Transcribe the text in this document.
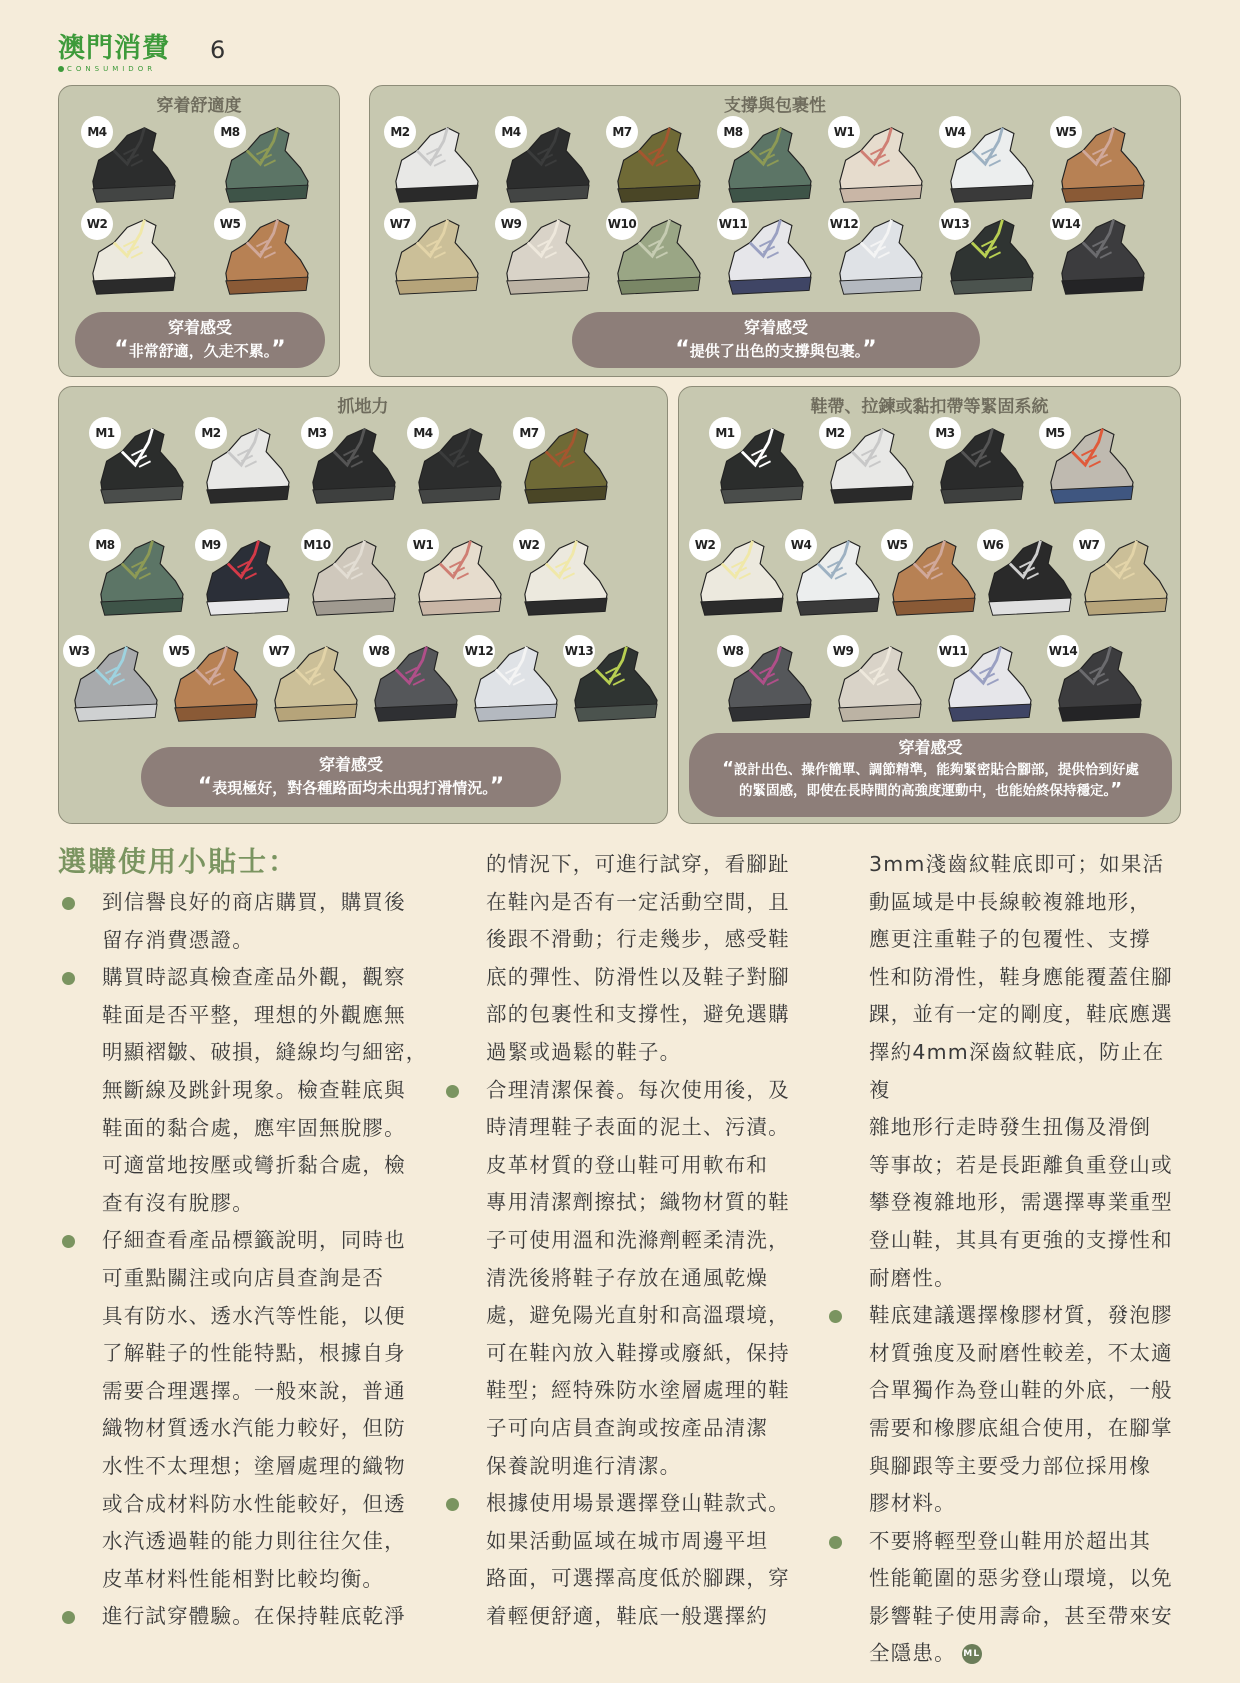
澳門消費
CONSUMIDOR
6
穿着舒適度
M4	M8
W2	W5
穿着感受
“非常舒適，久走不累。”
支撐與包裹性
M2	M4	M7	M8	W1	W4	W5
W7	W9	W10	W11	W12	W13	W14
穿着感受
“提供了出色的支撐與包裹。”
抓地力
M1	M2	M3	M4	M7
M8	M9	M10	W1	W2
W3	W5	W7	W8	W12	W13
穿着感受
“表現極好，對各種路面均未出現打滑情況。”
鞋帶、拉鍊或黏扣帶等緊固系統
M1	M2	M3	M5
W2	W4	W5	W6	W7
W8	W9	W11	W14
穿着感受
“設計出色、操作簡單、調節精準，能夠緊密貼合腳部，提供恰到好處
的緊固感，即使在長時間的高強度運動中，也能始終保持穩定。”
選購使用小貼士：
到信譽良好的商店購買，購買後
留存消費憑證。
購買時認真檢查產品外觀，觀察
鞋面是否平整，理想的外觀應無
明顯褶皺、破損，縫線均勻細密，
無斷線及跳針現象。檢查鞋底與
鞋面的黏合處，應牢固無脫膠。
可適當地按壓或彎折黏合處，檢
查有沒有脫膠。
仔細查看產品標籤說明，同時也
可重點關注或向店員查詢是否
具有防水、透水汽等性能，以便
了解鞋子的性能特點，根據自身
需要合理選擇。一般來說，普通
織物材質透水汽能力較好，但防
水性不太理想；塗層處理的織物
或合成材料防水性能較好，但透
水汽透過鞋的能力則往往欠佳，
皮革材料性能相對比較均衡。
進行試穿體驗。在保持鞋底乾淨
的情況下，可進行試穿，看腳趾
在鞋內是否有一定活動空間，且
後跟不滑動；行走幾步，感受鞋
底的彈性、防滑性以及鞋子對腳
部的包裹性和支撐性，避免選購
過緊或過鬆的鞋子。
合理清潔保養。每次使用後，及
時清理鞋子表面的泥土、污漬。
皮革材質的登山鞋可用軟布和
專用清潔劑擦拭；織物材質的鞋
子可使用溫和洗滌劑輕柔清洗，
清洗後將鞋子存放在通風乾燥
處，避免陽光直射和高溫環境，
可在鞋內放入鞋撐或廢紙，保持
鞋型；經特殊防水塗層處理的鞋
子可向店員查詢或按產品清潔
保養說明進行清潔。
根據使用場景選擇登山鞋款式。
如果活動區域在城市周邊平坦
路面，可選擇高度低於腳踝，穿
着輕便舒適，鞋底一般選擇約
3mm淺齒紋鞋底即可；如果活
動區域是中長線較複雜地形，
應更注重鞋子的包覆性、支撐
性和防滑性，鞋身應能覆蓋住腳
踝，並有一定的剛度，鞋底應選
擇約4mm深齒紋鞋底，防止在複
雜地形行走時發生扭傷及滑倒
等事故；若是長距離負重登山或
攀登複雜地形，需選擇專業重型
登山鞋，其具有更強的支撐性和
耐磨性。
鞋底建議選擇橡膠材質，發泡膠
材質強度及耐磨性較差，不太適
合單獨作為登山鞋的外底，一般
需要和橡膠底組合使用，在腳掌
與腳跟等主要受力部位採用橡
膠材料。
不要將輕型登山鞋用於超出其
性能範圍的惡劣登山環境，以免
影響鞋子使用壽命，甚至帶來安
全隱患。 ML
